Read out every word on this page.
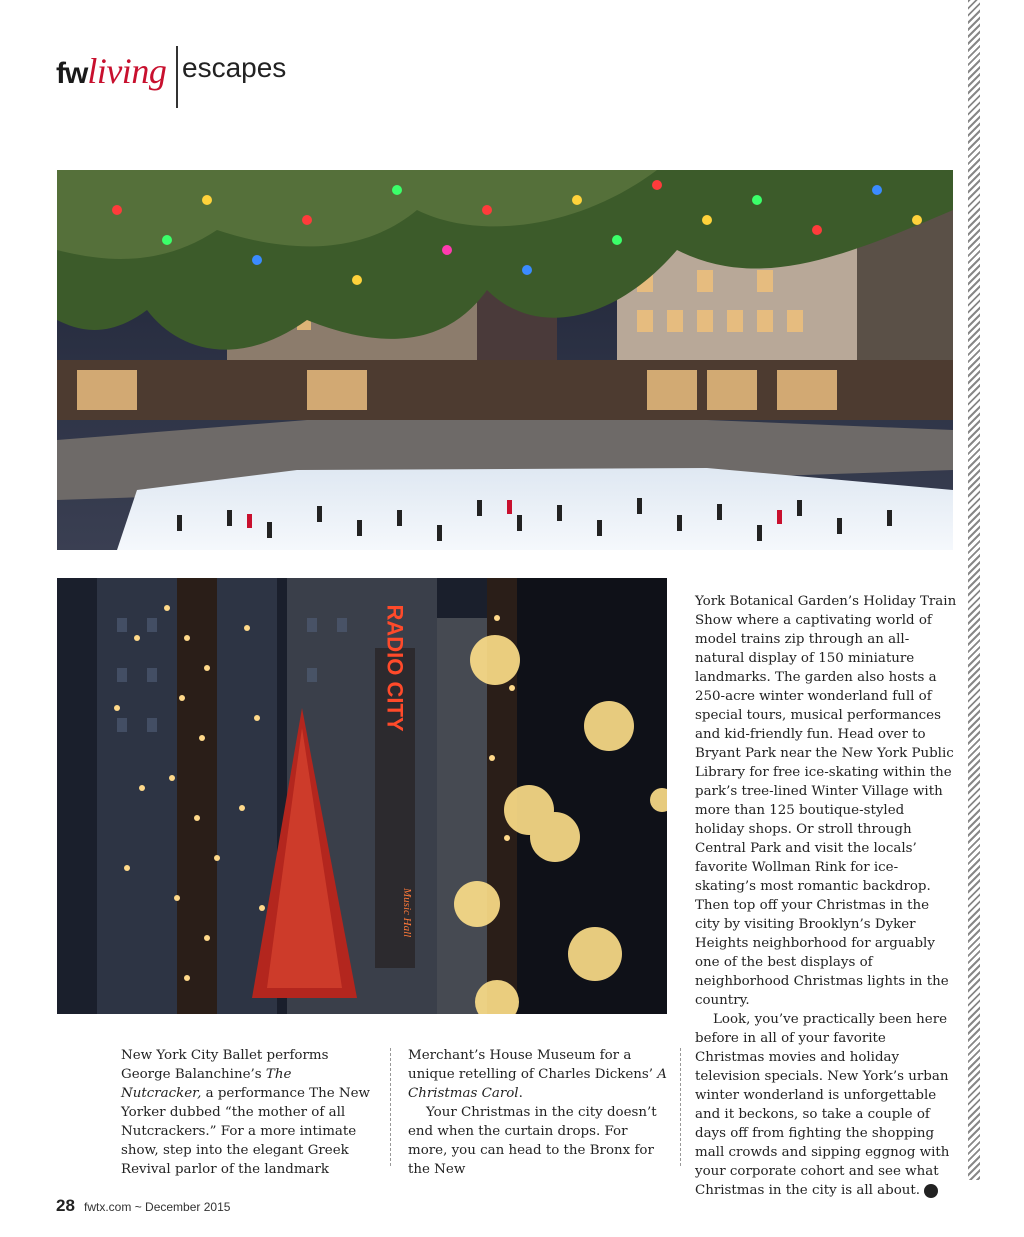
fwliving escapes
RADIO CITY
Music Hall

New York City Ballet performs George Balanchine’s The Nutcracker, a performance The New Yorker dubbed “the mother of all Nutcrackers.” For a more intimate show, step into the elegant Greek Revival parlor of the landmark

Merchant’s House Museum for a unique retelling of Charles Dickens’ A Christmas Carol.

Your Christmas in the city doesn’t end when the curtain drops. For more, you can head to the Bronx for the New

York Botanical Garden’s Holiday Train Show where a captivating world of model trains zip through an all-natural display of 150 miniature landmarks. The garden also hosts a 250-acre winter wonderland full of special tours, musical performances and kid-friendly fun. Head over to Bryant Park near the New York Public Library for free ice-skating within the park’s tree-lined Winter Village with more than 125 boutique-styled holiday shops. Or stroll through Central Park and visit the locals’ favorite Wollman Rink for ice-skating’s most romantic backdrop. Then top off your Christmas in the city by visiting Brooklyn’s Dyker Heights neighborhood for arguably one of the best displays of neighborhood Christmas lights in the country.

Look, you’ve practically been here before in all of your favorite Christmas movies and holiday television specials. New York’s urban winter wonderland is unforgettable and it beckons, so take a couple of days off from fighting the shopping mall crowds and sipping eggnog with your corporate cohort and see what Christmas in the city is all about.	fw

28 fwtx.com ~ December 2015
